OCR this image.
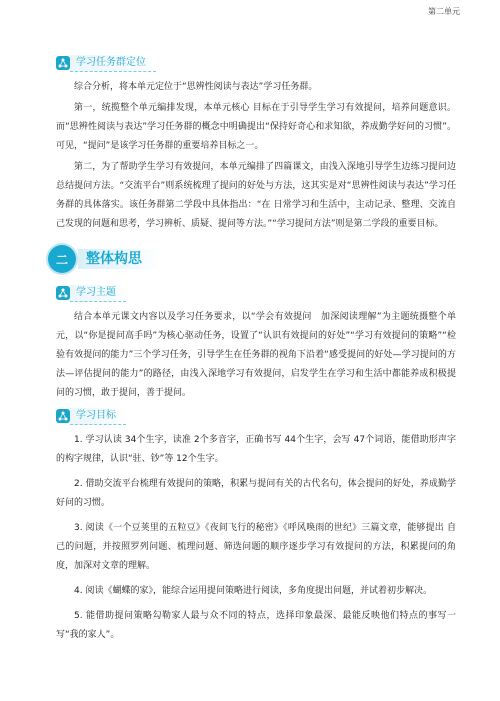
第二单元
学习任务群定位

综合分析，将本单元定位于“思辨性阅读与表达”学习任务群。

第一，统揽整个单元编排发现，本单元核心 目标在于引导学生学习有效提问，培养问题意识。而“思辨性阅读与表达”学习任务群的概念中明确提出“保持好奇心和求知欲，养成勤学好问的习惯”。可见，“提问”是该学习任务群的重要培养目标之一。

第二，为了帮助学生学习有效提问，本单元编排了四篇课文，由浅入深地引导学生边练习提问边总结提问方法。“交流平台”则系统梳理了提问的好处与方法，这其实是对“思辨性阅读与表达”学习任务群的具体落实。该任务群第二学段中具体指出：“在 日常学习和生活中，主动记录、整理、交流自己发现的问题和思考，学习辨析、质疑、提问等方法。”“学习提问方法”则是第二学段的重要目标。

二	整体构思
学习主题

结合本单元课文内容以及学习任务要求，以“学会有效提问　加深阅读理解”为主题统摄整个单元，以“你是提问高手吗”为核心驱动任务，设置了“认识有效提问的好处”“学习有效提问的策略”“检验有效提问的能力”三个学习任务，引导学生在任务群的视角下沿着“感受提问的好处—学习提问的方法—评估提问的能力”的路径，由浅入深地学习有效提问，启发学生在学习和生活中都能养成积极提问的习惯，敢于提问，善于提问。

学习目标

1. 学习认读 34个生字，读准 2个多音字，正确书写 44个生字，会写 47个词语，能借助形声字的构字规律，认识“驻、钞”等 12个生字。

2. 借助交流平台梳理有效提问的策略，积累与提问有关的古代名句，体会提问的好处，养成勤学好问的习惯。

3. 阅读《一个豆荚里的五粒豆》《夜间飞行的秘密》《呼风唤雨的世纪》三篇文章，能够提出 自己的问题，并按照罗列问题、梳理问题、筛选问题的顺序逐步学习有效提问的方法，积累提问的角度，加深对文章的理解。

4. 阅读《蝴蝶的家》，能综合运用提问策略进行阅读，多角度提出问题，并试着初步解决。

5. 能借助提问策略勾勒家人最与众不同的特点，选择印象最深、最能反映他们特点的事写一写“我的家人”。
